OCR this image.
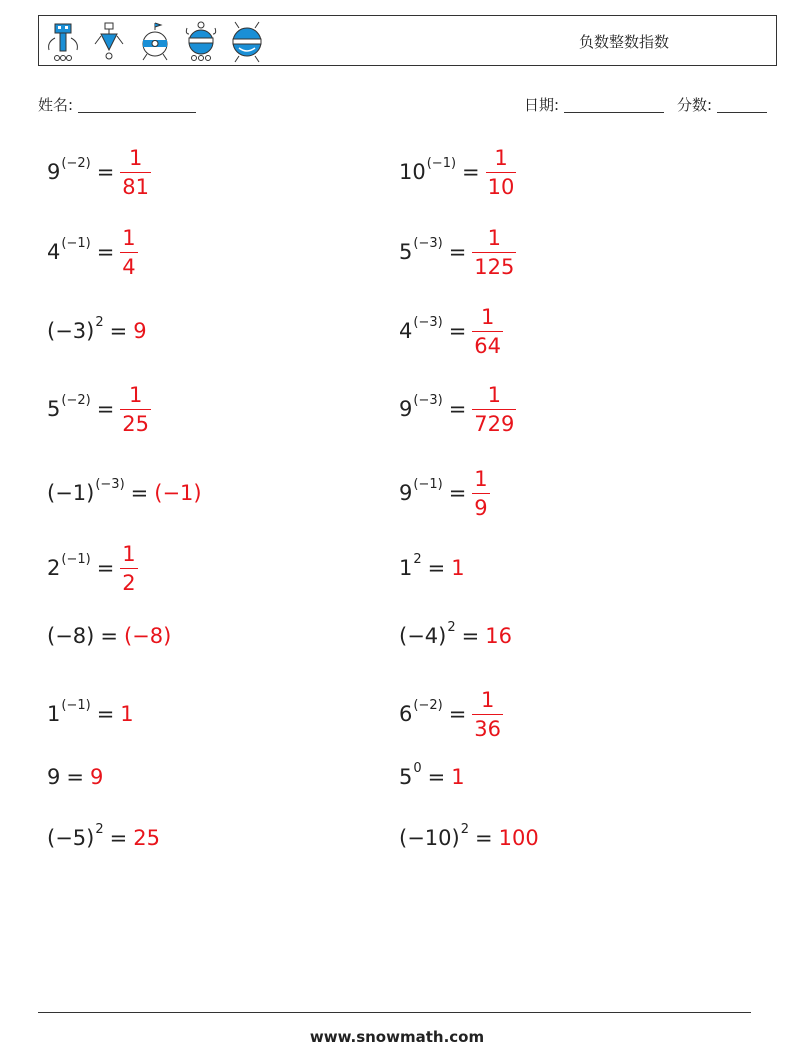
负数整数指数
姓名:	日期:	分数:
$9^{(-2)} = \frac{1}{81}$	$10^{(-1)} = \frac{1}{10}$
$4^{(-1)} = \frac{1}{4}$	$5^{(-3)} = \frac{1}{125}$
$(-3)^2 = 9$	$4^{(-3)} = \frac{1}{64}$
$5^{(-2)} = \frac{1}{25}$	$9^{(-3)} = \frac{1}{729}$
$(-1)^{(-3)} = (-1)$	$9^{(-1)} = \frac{1}{9}$
$2^{(-1)} = \frac{1}{2}$	$1^2 = 1$
(−8) = (−8)	$(-4)^2 = 16$
$1^{(-1)} = 1$	$6^{(-2)} = \frac{1}{36}$
9 = 9	$5^0 = 1$
$(-5)^2 = 25$	$(-10)^2 = 100$
www.snowmath.com
